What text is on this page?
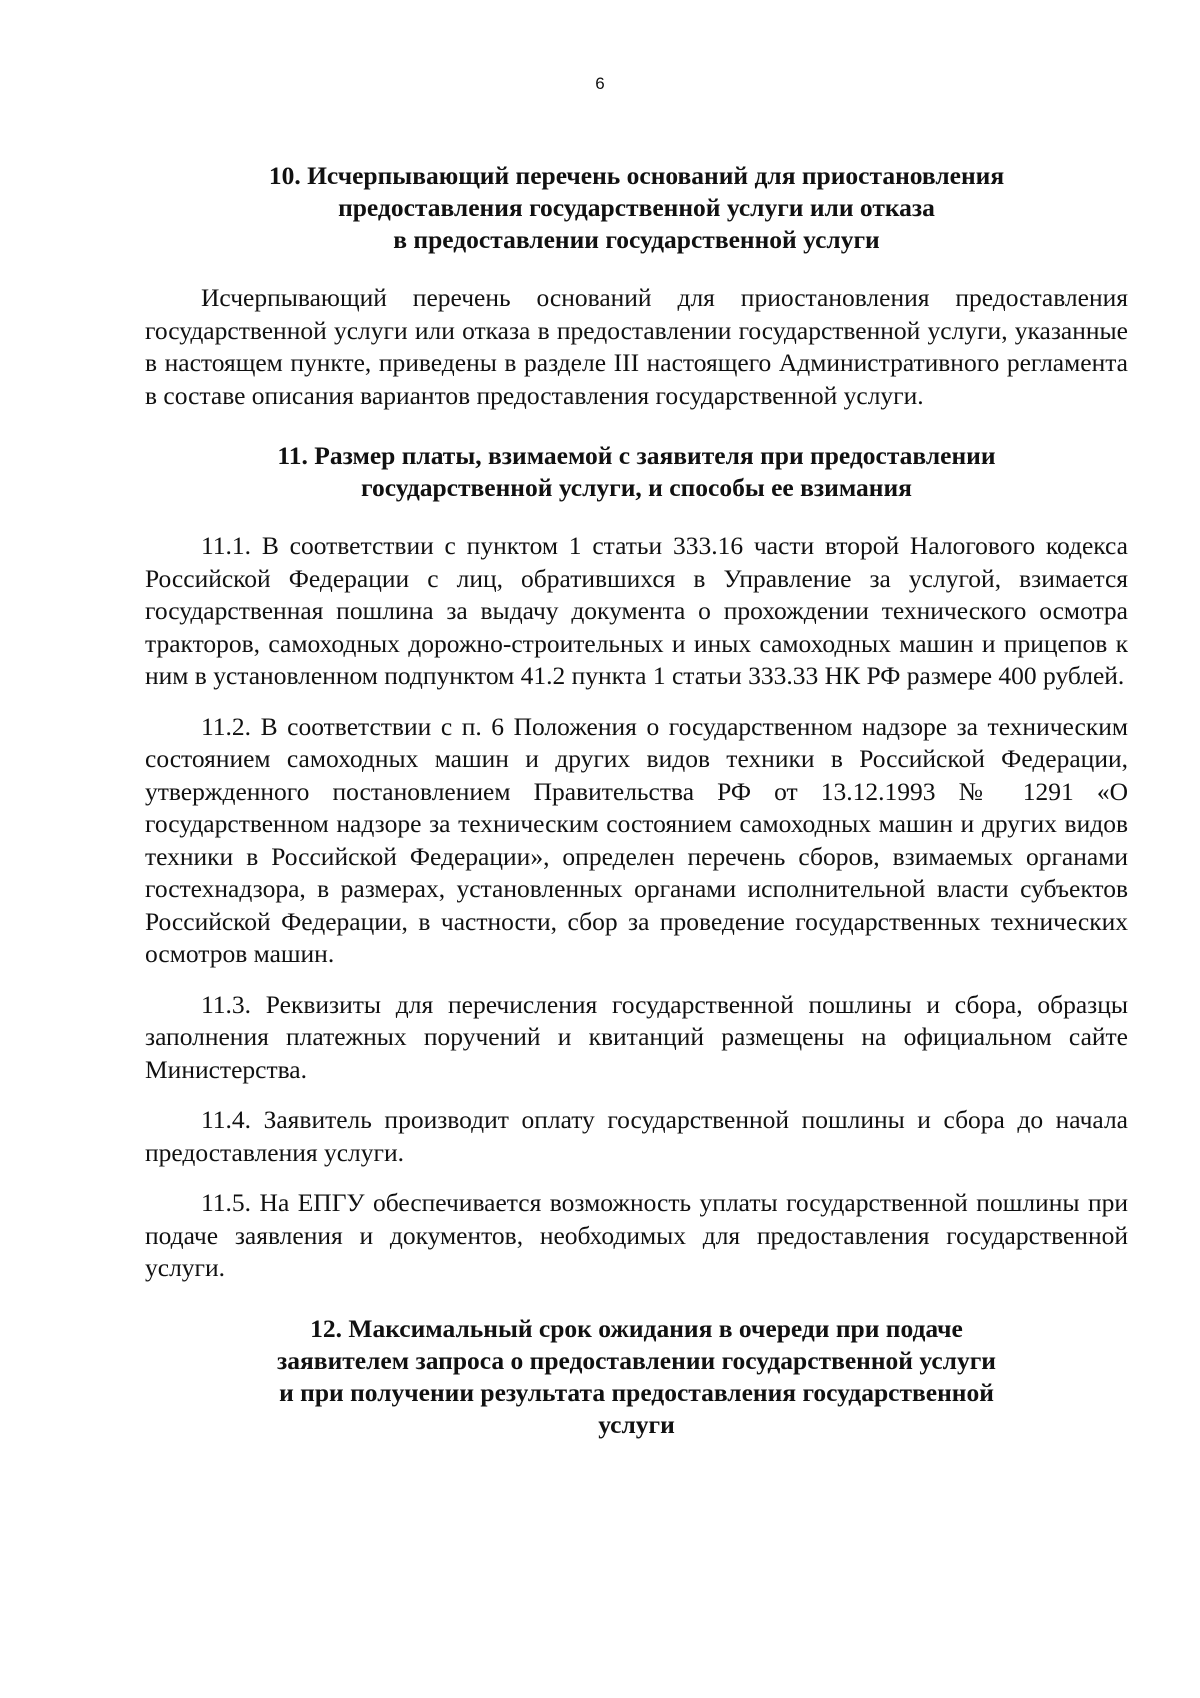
6
10. Исчерпывающий перечень оснований для приостановления
предоставления государственной услуги или отказа
в предоставлении государственной услуги

Исчерпывающий перечень оснований для приостановления предоставления государственной услуги или отказа в предоставлении государственной услуги, указанные в настоящем пункте, приведены в разделе III настоящего Административного регламента в составе описания вариантов предоставления государственной услуги.

11. Размер платы, взимаемой с заявителя при предоставлении
государственной услуги, и способы ее взимания

11.1. В соответствии с пунктом 1 статьи 333.16 части второй Налогового кодекса Российской Федерации с лиц, обратившихся в Управление за услугой, взимается государственная пошлина за выдачу документа о прохождении технического осмотра тракторов, самоходных дорожно-строительных и иных самоходных машин и прицепов к ним в установленном подпунктом 41.2 пункта 1 статьи 333.33 НК РФ размере 400 рублей.

11.2. В соответствии с п. 6 Положения о государственном надзоре за техническим состоянием самоходных машин и других видов техники в Российской Федерации, утвержденного постановлением Правительства РФ от 13.12.1993 № 1291 «О государственном надзоре за техническим состоянием самоходных машин и других видов техники в Российской Федерации», определен перечень сборов, взимаемых органами гостехнадзора, в размерах, установленных органами исполнительной власти субъектов Российской Федерации, в частности, сбор за проведение государственных технических осмотров машин.

11.3. Реквизиты для перечисления государственной пошлины и сбора, образцы заполнения платежных поручений и квитанций размещены на официальном сайте Министерства.

11.4. Заявитель производит оплату государственной пошлины и сбора до начала предоставления услуги.

11.5. На ЕПГУ обеспечивается возможность уплаты государственной пошлины при подаче заявления и документов, необходимых для предоставления государственной услуги.

12. Максимальный срок ожидания в очереди при подаче
заявителем запроса о предоставлении государственной услуги
и при получении результата предоставления государственной
услуги
